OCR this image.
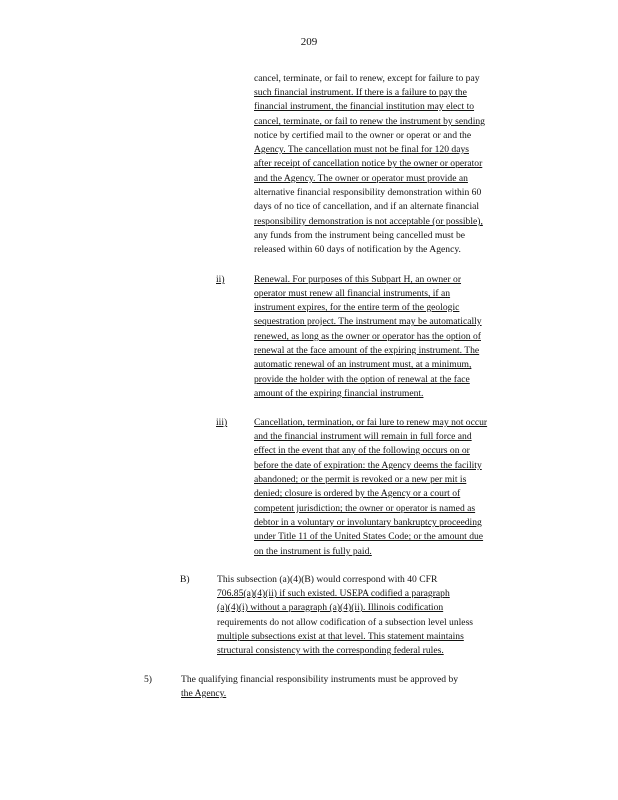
209
cancel, terminate, or fail to renew, except for failure to pay
such financial instrument. If there is a failure to pay the
financial instrument, the financial institution may elect to
cancel, terminate, or fail to renew the instrument by sending
notice by certified mail to the owner or operat or and the
Agency. The cancellation must not be final for 120 days
after receipt of cancellation notice by the owner or operator
and the Agency. The owner or operator must provide an
alternative financial responsibility demonstration within 60
days of no tice of cancellation, and if an alternate financial
responsibility demonstration is not acceptable (or possible),
any funds from the instrument being cancelled must be
released within 60 days of notification by the Agency.
ii)	Renewal. For purposes of this Subpart H, an owner or
operator must renew all financial instruments, if an
instrument expires, for the entire term of the geologic
sequestration project. The instrument may be automatically
renewed, as long as the owner or operator has the option of
renewal at the face amount of the expiring instrument. The
automatic renewal of an instrument must, at a minimum,
provide the holder with the option of renewal at the face
amount of the expiring financial instrument.
iii)	Cancellation, termination, or fai lure to renew may not occur
and the financial instrument will remain in full force and
effect in the event that any of the following occurs on or
before the date of expiration: the Agency deems the facility
abandoned; or the permit is revoked or a new per mit is
denied; closure is ordered by the Agency or a court of
competent jurisdiction; the owner or operator is named as
debtor in a voluntary or involuntary bankruptcy proceeding
under Title 11 of the United States Code; or the amount due
on the instrument is fully paid.
B)	This subsection (a)(4)(B) would correspond with 40 CFR
706.85(a)(4)(ii) if such existed. USEPA codified a paragraph
(a)(4)(i) without a paragraph (a)(4)(ii). Illinois codification
requirements do not allow codification of a subsection level unless
multiple subsections exist at that level. This statement maintains
structural consistency with the corresponding federal rules.
5)	The qualifying financial responsibility instruments must be approved by
the Agency.
